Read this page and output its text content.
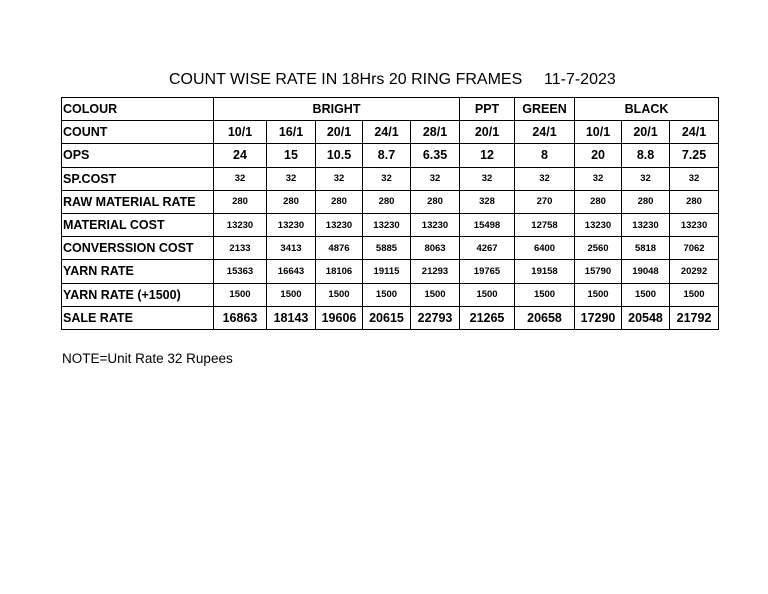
COUNT WISE RATE IN 18Hrs 20 RING FRAMES 11-7-2023
COLOUR	BRIGHT					PPT	GREEN	BLACK		
COUNT	10/1	16/1	20/1	24/1	28/1	20/1	24/1	10/1	20/1	24/1
OPS	24	15	10.5	8.7	6.35	12	8	20	8.8	7.25
SP.COST	32	32	32	32	32	32	32	32	32	32
RAW MATERIAL RATE	280	280	280	280	280	328	270	280	280	280
MATERIAL COST	13230	13230	13230	13230	13230	15498	12758	13230	13230	13230
CONVERSSION COST	2133	3413	4876	5885	8063	4267	6400	2560	5818	7062
YARN RATE	15363	16643	18106	19115	21293	19765	19158	15790	19048	20292
YARN RATE (+1500)	1500	1500	1500	1500	1500	1500	1500	1500	1500	1500
SALE RATE	16863	18143	19606	20615	22793	21265	20658	17290	20548	21792
NOTE=Unit Rate 32 Rupees
